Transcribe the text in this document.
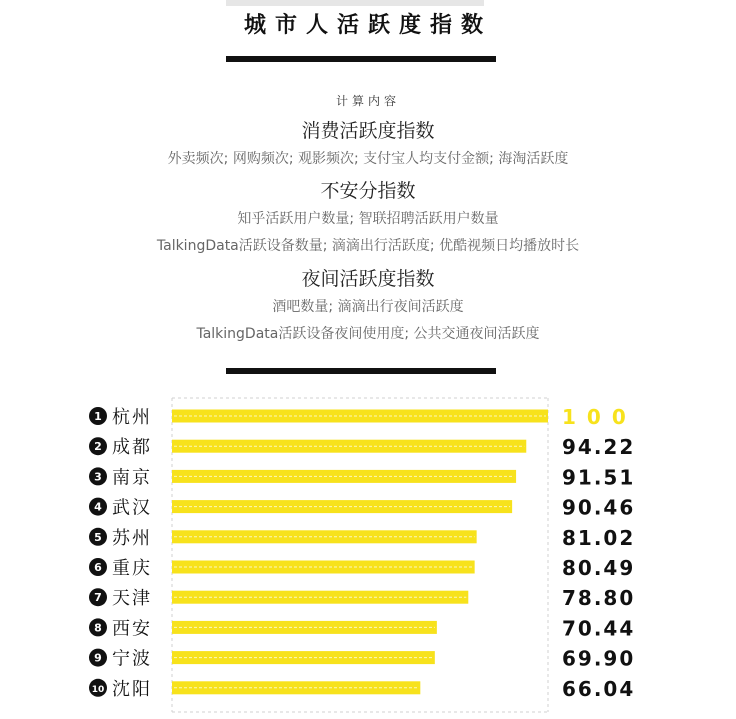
城市人活跃度指数
计算内容
消费活跃度指数
外卖频次; 网购频次; 观影频次; 支付宝人均支付金额; 海淘活跃度
不安分指数
知乎活跃用户数量; 智联招聘活跃用户数量
TalkingData活跃设备数量; 滴滴出行活跃度; 优酷视频日均播放时长
夜间活跃度指数
酒吧数量; 滴滴出行夜间活跃度
TalkingData活跃设备夜间使用度; 公共交通夜间活跃度
1 杭州	100
2 成都	94.22
3 南京	91.51
4 武汉	90.46
5 苏州	81.02
6 重庆	80.49
7 天津	78.80
8 西安	70.44
9 宁波	69.90
10 沈阳	66.04
